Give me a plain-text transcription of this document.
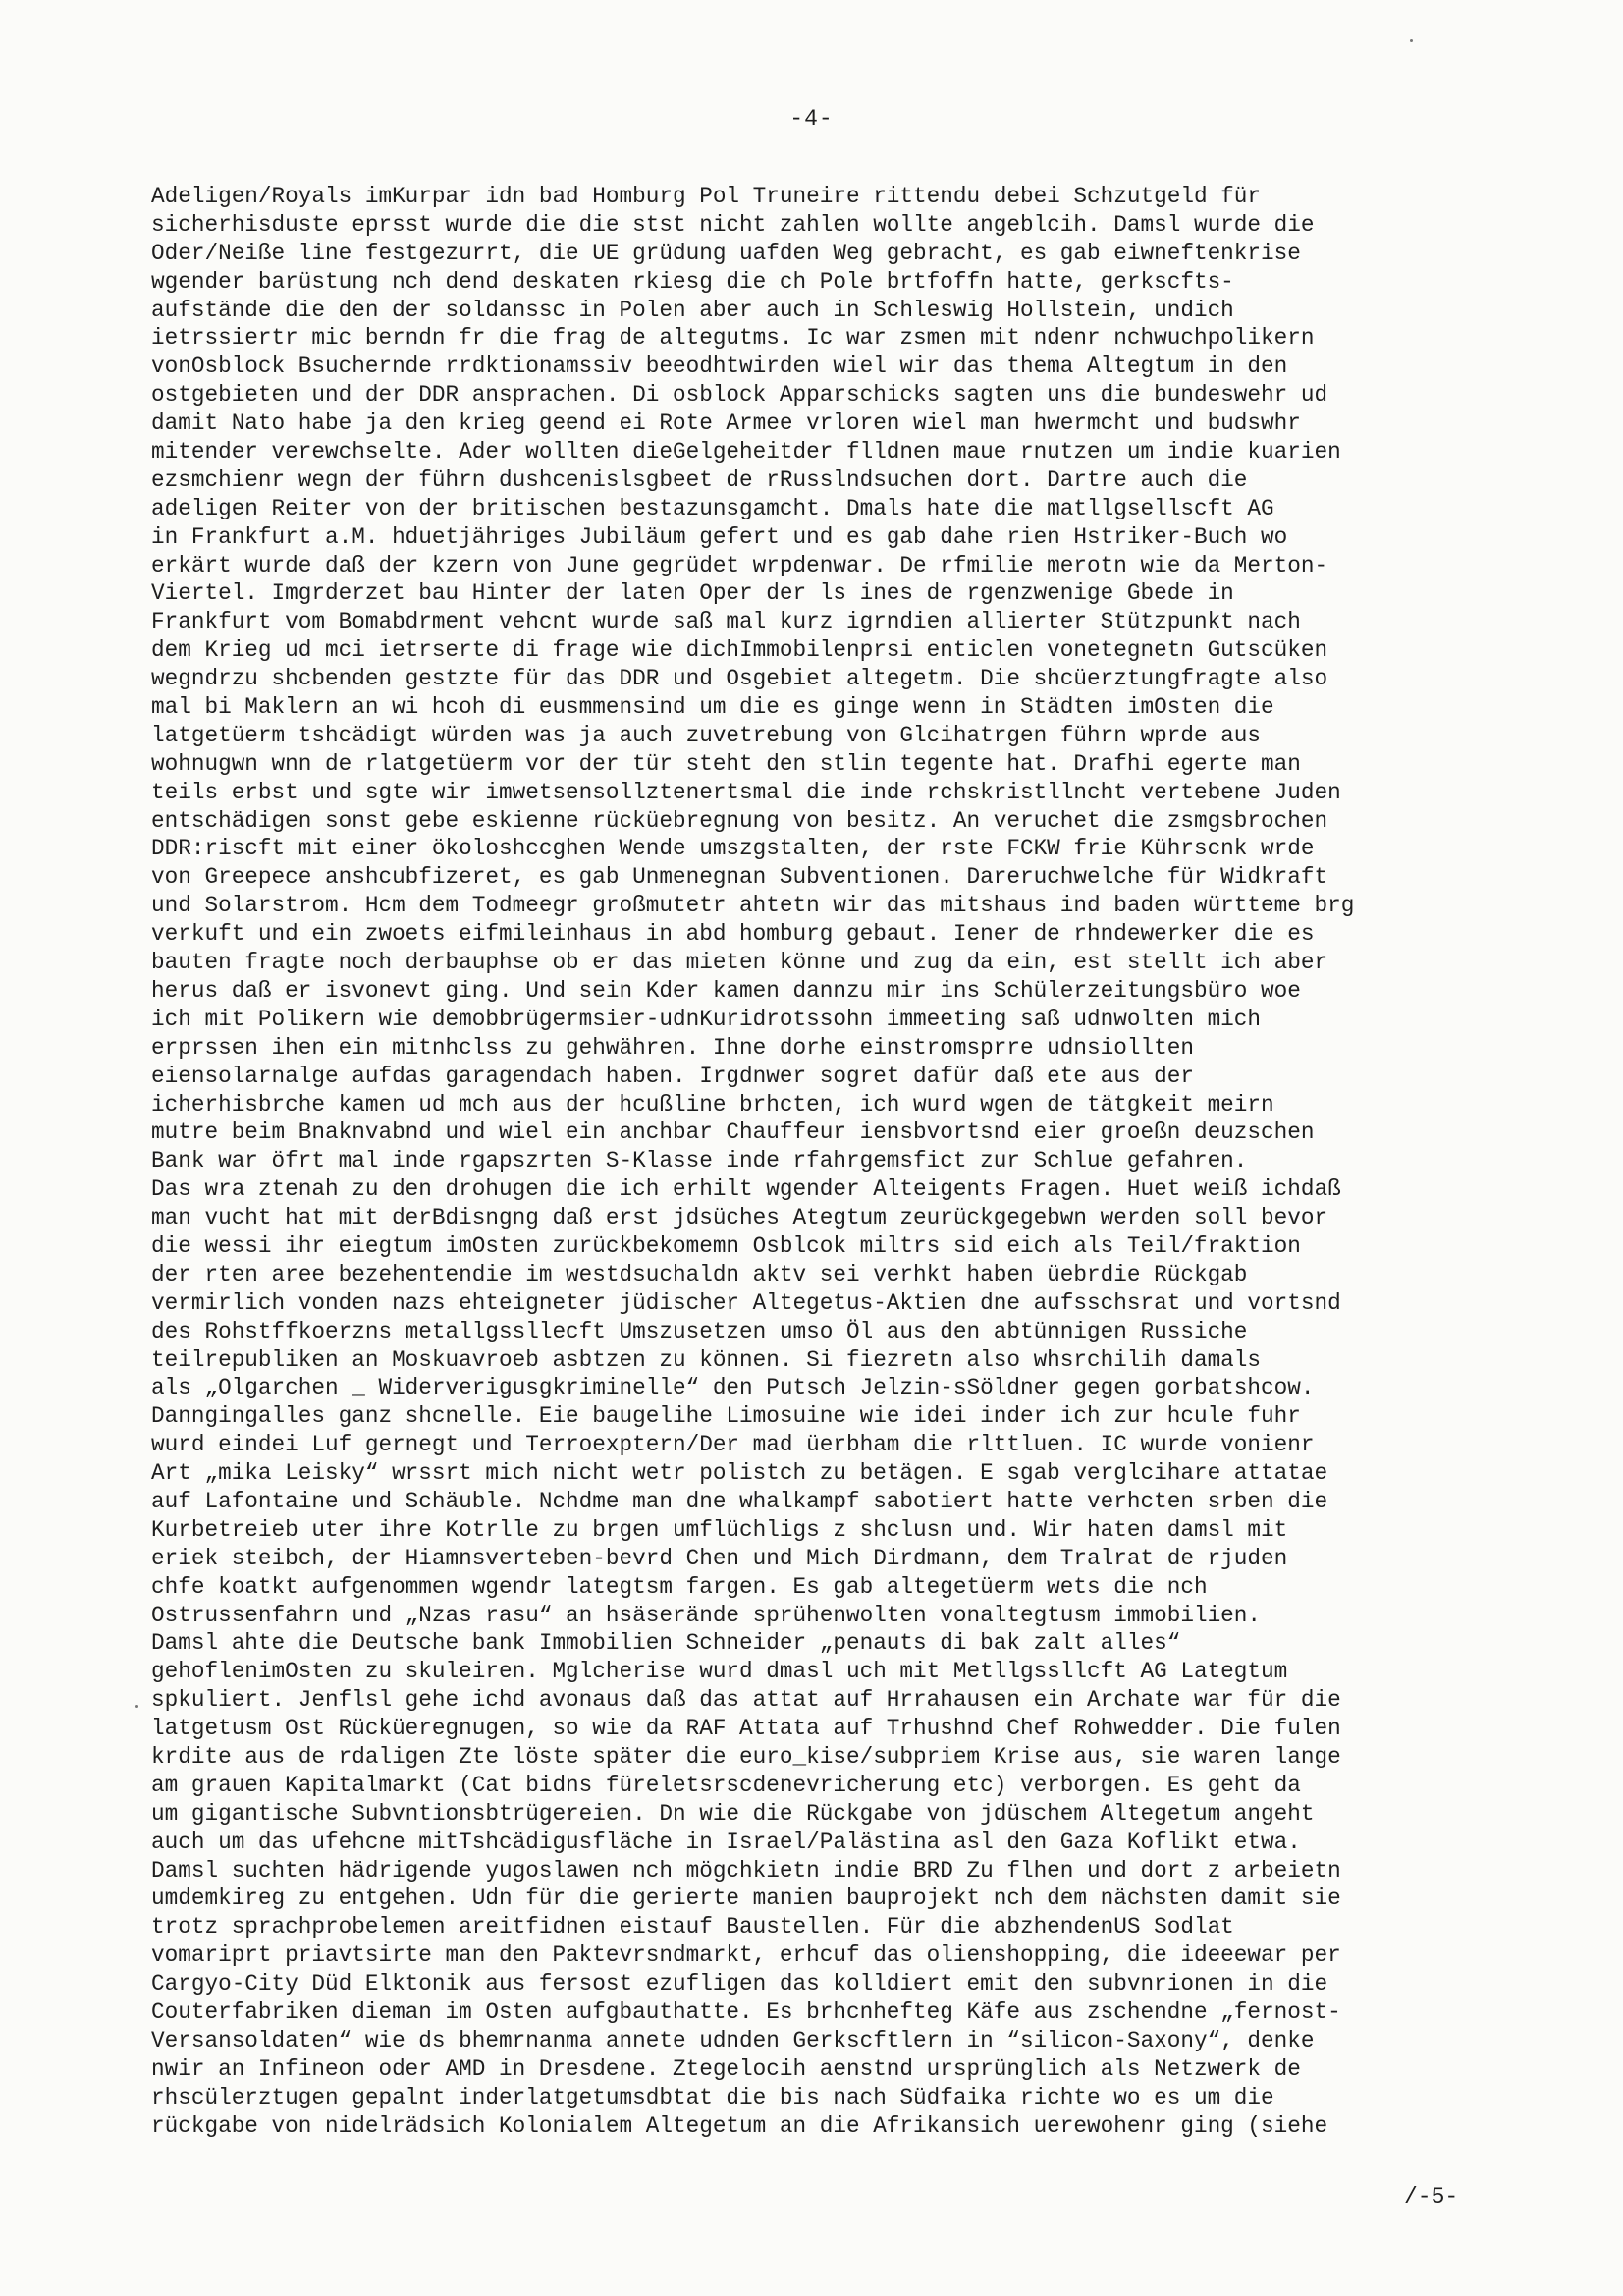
-4-
Adeligen/Royals imKurpar idn bad Homburg Pol Truneire rittendu debei Schzutgeld für
sicherhisduste eprsst wurde die die stst nicht zahlen wollte angeblcih. Damsl wurde die
Oder/Neiße line festgezurrt, die UE grüdung uafden Weg gebracht, es gab eiwneftenkrise
wgender barüstung nch dend deskaten rkiesg die ch Pole brtfoffn hatte, gerkscfts-
aufstände die den der soldanssc in Polen aber auch in Schleswig Hollstein, undich
ietrssiertr mic berndn fr die frag de altegutms. Ic war zsmen mit ndenr nchwuchpolikern
vonOsblock Bsuchernde rrdktionamssiv beeodhtwirden wiel wir das thema Altegtum in den
ostgebieten und der DDR ansprachen. Di osblock Apparschicks sagten uns die bundeswehr ud
damit Nato habe ja den krieg geend ei Rote Armee vrloren wiel man hwermcht und budswhr
mitender verewchselte. Ader wollten dieGelgeheitder flldnen maue rnutzen um indie kuarien
ezsmchienr wegn der führn dushcenislsgbeet de rRusslndsuchen dort. Dartre auch die
adeligen Reiter von der britischen bestazunsgamcht. Dmals hate die matllgsellscft AG
in Frankfurt a.M. hduetjähriges Jubiläum gefert und es gab dahe rien Hstriker-Buch wo
erkärt wurde daß der kzern von June gegrüdet wrpdenwar. De rfmilie merotn wie da Merton-
Viertel. Imgrderzet bau Hinter der laten Oper der ls ines de rgenzwenige Gbede in
Frankfurt vom Bomabdrment vehcnt wurde saß mal kurz igrndien allierter Stützpunkt nach
dem Krieg ud mci ietrserte di frage wie dichImmobilenprsi enticlen vonetegnetn Gutscüken
wegndrzu shcbenden gestzte für das DDR und Osgebiet altegetm. Die shcüerztungfragte also
mal bi Maklern an wi hcoh di eusmmensind um die es ginge wenn in Städten imOsten die
latgetüerm tshcädigt würden was ja auch zuvetrebung von Glcihatrgen führn wprde aus
wohnugwn wnn de rlatgetüerm vor der tür steht den stlin tegente hat. Drafhi egerte man
teils erbst und sgte wir imwetsensollztenertsmal die inde rchskristllncht vertebene Juden
entschädigen sonst gebe eskienne rücküebregnung von besitz. An veruchet die zsmgsbrochen
DDR:riscft mit einer ökoloshccghen Wende umszgstalten, der rste FCKW frie Kührscnk wrde
von Greepece anshcubfizeret, es gab Unmenegnan Subventionen. Dareruchwelche für Widkraft
und Solarstrom. Hcm dem Todmeegr großmutetr ahtetn wir das mitshaus ind baden württeme brg
verkuft und ein zwoets eifmileinhaus in abd homburg gebaut. Iener de rhndewerker die es
bauten fragte noch derbauphse ob er das mieten könne und zug da ein, est stellt ich aber
herus daß er isvonevt ging. Und sein Kder kamen dannzu mir ins Schülerzeitungsbüro woe
ich mit Polikern wie demobbrügermsier-udnKuridrotssohn immeeting saß udnwolten mich
erprssen ihen ein mitnhclss zu gehwähren. Ihne dorhe einstromsprre udnsiollten
eiensolarnalge aufdas garagendach haben. Irgdnwer sogret dafür daß ete aus der
icherhisbrche kamen ud mch aus der hcußline brhcten, ich wurd wgen de tätgkeit meirn
mutre beim Bnaknvabnd und wiel ein anchbar Chauffeur iensbvortsnd eier groeßn deuzschen
Bank war öfrt mal inde rgapszrten S-Klasse inde rfahrgemsfict zur Schlue gefahren.
Das wra ztenah zu den drohugen die ich erhilt wgender Alteigents Fragen. Huet weiß ichdaß
man vucht hat mit derBdisngng daß erst jdsüches Ategtum zeurückgegebwn werden soll bevor
die wessi ihr eiegtum imOsten zurückbekomemn Osblcok miltrs sid eich als Teil/fraktion
der rten aree bezehentendie im westdsuchaldn aktv sei verhkt haben üebrdie Rückgab
vermirlich vonden nazs ehteigneter jüdischer Altegetus-Aktien dne aufsschsrat und vortsnd
des Rohstffkoerzns metallgssllecft Umszusetzen umso Öl aus den abtünnigen Russiche
teilrepubliken an Moskuavroeb asbtzen zu können. Si fiezretn also whsrchilih damals
als „Olgarchen _ Widerverigusgkriminelle“ den Putsch Jelzin-sSöldner gegen gorbatshcow.
Danngingalles ganz shcnelle. Eie baugelihe Limosuine wie idei inder ich zur hcule fuhr
wurd eindei Luf gernegt und Terroexptern/Der mad üerbham die rlttluen. IC wurde vonienr
Art „mika Leisky“ wrssrt mich nicht wetr polistch zu betägen. E sgab verglcihare attatae
auf Lafontaine und Schäuble. Nchdme man dne whalkampf sabotiert hatte verhcten srben die
Kurbetreieb uter ihre Kotrlle zu brgen umflüchligs z shclusn und. Wir haten damsl mit
eriek steibch, der Hiamnsverteben-bevrd Chen und Mich Dirdmann, dem Tralrat de rjuden
chfe koatkt aufgenommen wgendr lategtsm fargen. Es gab altegetüerm wets die nch
Ostrussenfahrn und „Nzas rasu“ an hsäserände sprühenwolten vonaltegtusm immobilien.
Damsl ahte die Deutsche bank Immobilien Schneider „penauts di bak zalt alles“
gehoflenimOsten zu skuleiren. Mglcherise wurd dmasl uch mit Metllgssllcft AG Lategtum
spkuliert. Jenflsl gehe ichd avonaus daß das attat auf Hrrahausen ein Archate war für die
latgetusm Ost Rücküeregnugen, so wie da RAF Attata auf Trhushnd Chef Rohwedder. Die fulen
krdite aus de rdaligen Zte löste später die euro_kise/subpriem Krise aus, sie waren lange
am grauen Kapitalmarkt (Cat bidns füreletsrscdenevricherung etc) verborgen. Es geht da
um gigantische Subvntionsbtrügereien. Dn wie die Rückgabe von jdüschem Altegetum angeht
auch um das ufehcne mitTshcädigusfläche in Israel/Palästina asl den Gaza Koflikt etwa.
Damsl suchten hädrigende yugoslawen nch mögchkietn indie BRD Zu flhen und dort z arbeietn
umdemkireg zu entgehen. Udn für die gerierte manien bauprojekt nch dem nächsten damit sie
trotz sprachprobelemen areitfidnen eistauf Baustellen. Für die abzhendenUS Sodlat
vomariprt priavtsirte man den Paktevrsndmarkt, erhcuf das olienshopping, die ideeewar per
Cargyo-City Düd Elktonik aus fersost ezufligen das kolldiert emit den subvnrionen in die
Couterfabriken dieman im Osten aufgbauthatte. Es brhcnhefteg Käfe aus zschendne „fernost-
Versansoldaten“ wie ds bhemrnanma annete udnden Gerkscftlern in “silicon-Saxony“, denke
nwir an Infineon oder AMD in Dresdene. Ztegelocih aenstnd ursprünglich als Netzwerk de
rhscülerztugen gepalnt inderlatgetumsdbtat die bis nach Südfaika richte wo es um die
rückgabe von nidelrädsich Kolonialem Altegetum an die Afrikansich uerewohenr ging (siehe
/-5-
